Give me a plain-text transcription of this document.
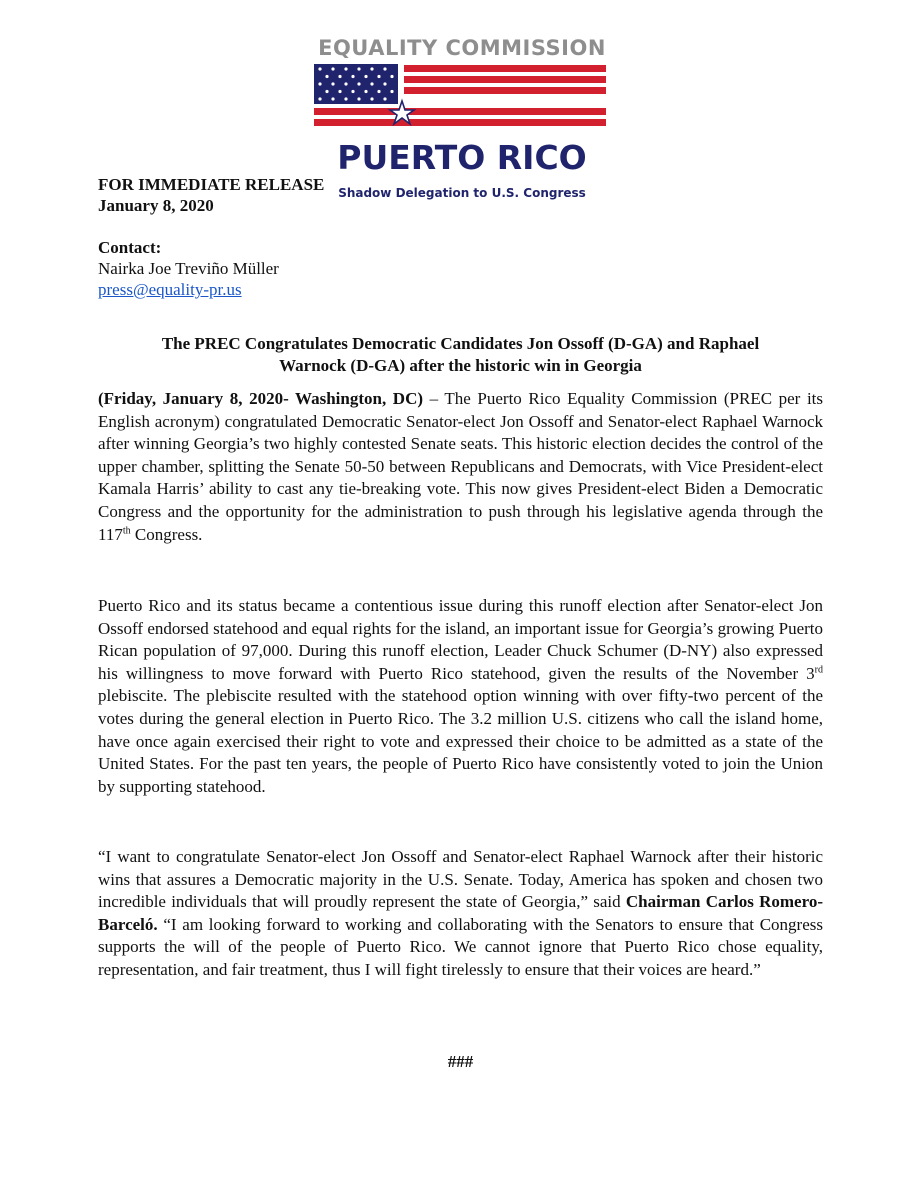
EQUALITY COMMISSION
PUERTO RICO
Shadow Delegation to U.S. Congress
FOR IMMEDIATE RELEASE
January 8, 2020
Contact:
Nairka Joe Treviño Müller
press@equality-pr.us
The PREC Congratulates Democratic Candidates Jon Ossoff (D-GA) and Raphael
Warnock (D-GA) after the historic win in Georgia
(Friday, January 8, 2020- Washington, DC) – The Puerto Rico Equality Commission (PREC per its English acronym) congratulated Democratic Senator-elect Jon Ossoff and Senator-elect Raphael Warnock after winning Georgia’s two highly contested Senate seats. This historic election decides the control of the upper chamber, splitting the Senate 50-50 between Republicans and Democrats, with Vice President-elect Kamala Harris’ ability to cast any tie-breaking vote. This now gives President-elect Biden a Democratic Congress and the opportunity for the administration to push through his legislative agenda through the 117th Congress.
Puerto Rico and its status became a contentious issue during this runoff election after Senator-elect Jon Ossoff endorsed statehood and equal rights for the island, an important issue for Georgia’s growing Puerto Rican population of 97,000. During this runoff election, Leader Chuck Schumer (D-NY) also expressed his willingness to move forward with Puerto Rico statehood, given the results of the November 3rd plebiscite. The plebiscite resulted with the statehood option winning with over fifty-two percent of the votes during the general election in Puerto Rico. The 3.2 million U.S. citizens who call the island home, have once again exercised their right to vote and expressed their choice to be admitted as a state of the United States. For the past ten years, the people of Puerto Rico have consistently voted to join the Union by supporting statehood.
“I want to congratulate Senator-elect Jon Ossoff and Senator-elect Raphael Warnock after their historic wins that assures a Democratic majority in the U.S. Senate. Today, America has spoken and chosen two incredible individuals that will proudly represent the state of Georgia,” said Chairman Carlos Romero-Barceló. “I am looking forward to working and collaborating with the Senators to ensure that Congress supports the will of the people of Puerto Rico. We cannot ignore that Puerto Rico chose equality, representation, and fair treatment, thus I will fight tirelessly to ensure that their voices are heard.”
###
